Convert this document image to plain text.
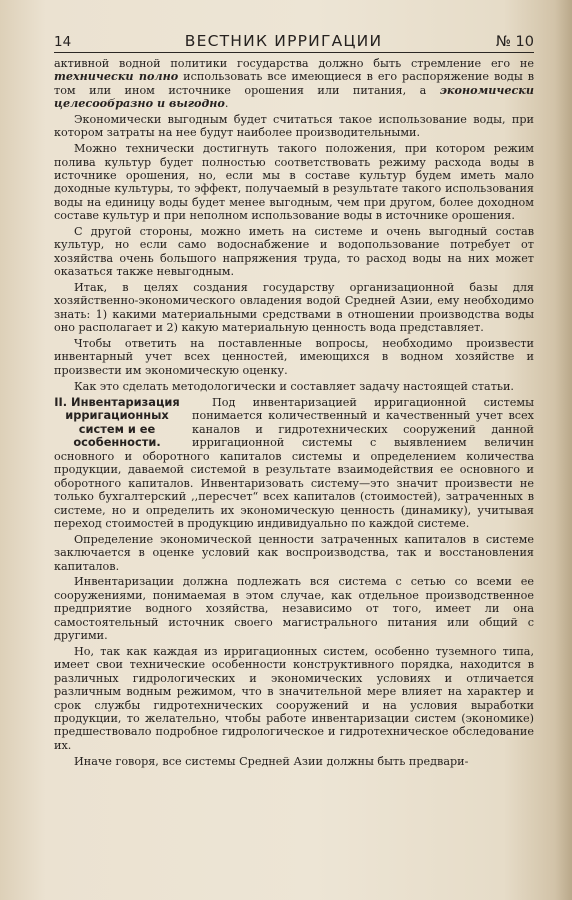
14	ВЕСТНИК ИРРИГАЦИИ	№ 10

активной водной политики государства должно быть стремление его не технически полно использовать все имеющиеся в его распоряжение воды в том или ином источнике орошения или питания, а экономически целесообразно и выгодно.

Экономически выгодным будет считаться такое использование воды, при котором затраты на нее будут наиболее производительными.

Можно технически достигнуть такого положения, при котором режим полива культур будет полностью соответствовать режиму расхода воды в источнике орошения, но, если мы в составе культур будем иметь мало доходные культуры, то эффект, получаемый в результате такого использования воды на единицу воды будет менее выгодным, чем при другом, более доходном составе культур и при неполном использование воды в источнике орошения.

С другой стороны, можно иметь на системе и очень выгодный состав культур, но если само водоснабжение и водопользование потребует от хозяйства очень большого напряжения труда, то расход воды на них может оказаться также невыгодным.

Итак, в целях создания государству организационной базы для хозяйственно-экономического овладения водой Средней Азии, ему необходимо знать: 1) какими материальными средствами в отношении производства воды оно располагает и 2) какую материальную ценность вода представляет.

Чтобы ответить на поставленные вопросы, необходимо произвести инвентарный учет всех ценностей, имеющихся в водном хозяйстве и произвести им экономическую оценку.

Как это сделать методологически и составляет задачу настоящей статьи.

II. Инвентаризация ирригационных систем и ее особенности.

Под инвентаризацией ирригационной системы понимается количественный и качественный учет всех каналов и гидротехнических сооружений данной ирригационной системы с выявлением величин основного и оборотного капиталов системы и определением количества продукции, даваемой системой в результате взаимодействия ее основного и оборотного капиталов. Инвентаризовать систему—это значит произвести не только бухгалтерский ,,пересчет“ всех капиталов (стоимостей), затраченных в системе, но и определить их экономическую ценность (динамику), учитывая переход стоимостей в продукцию индивидуально по каждой системе.

Определение экономической ценности затраченных капиталов в системе заключается в оценке условий как воспроизводства, так и восстановления капиталов.

Инвентаризации должна подлежать вся система с сетью со всеми ее сооружениями, понимаемая в этом случае, как отдельное производственное предприятие водного хозяйства, независимо от того, имеет ли она самостоятельный источник своего магистрального питания или общий с другими.

Но, так как каждая из ирригационных систем, особенно туземного типа, имеет свои технические особенности конструктивного порядка, находится в различных гидрологических и экономических условиях и отличается различным водным режимом, что в значительной мере влияет на характер и срок службы гидротехнических сооружений и на условия выработки продукции, то желательно, чтобы работе инвентаризации систем (экономике) предшествовало подробное гидрологическое и гидротехническое обследование их.

Иначе говоря, все системы Средней Азии должны быть предвари-
